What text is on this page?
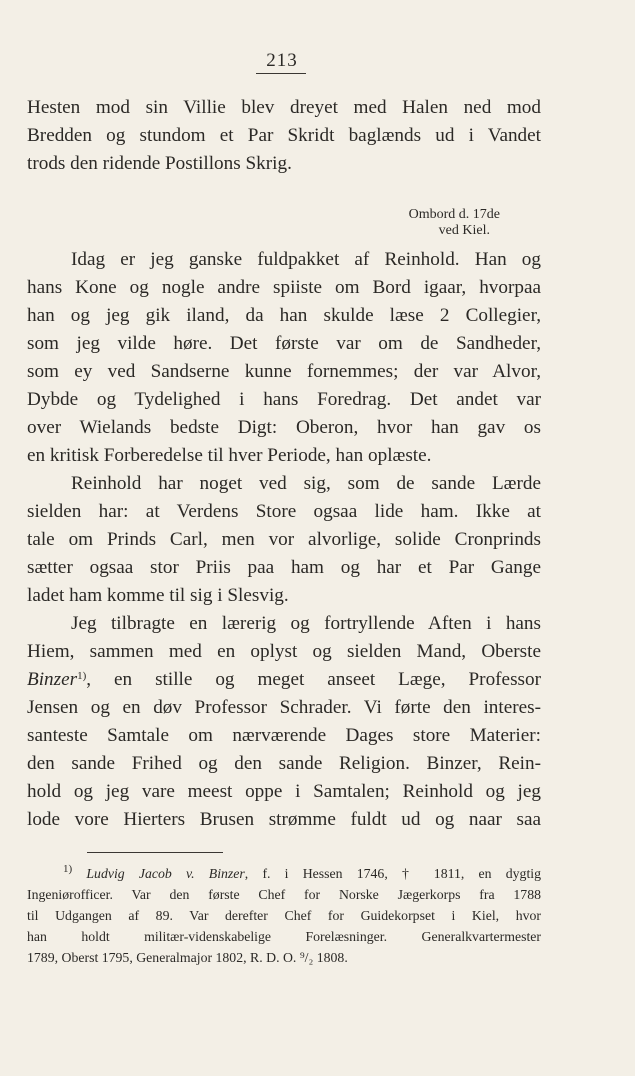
213
Hesten mod sin Villie blev dreyet med Halen ned mod
Bredden og stundom et Par Skridt baglænds ud i Vandet
trods den ridende Postillons Skrig.
Ombord d. 17de
ved Kiel.
Idag er jeg ganske fuldpakket af Reinhold. Han og
hans Kone og nogle andre spiiste om Bord igaar, hvorpaa
han og jeg gik iland, da han skulde læse 2 Collegier,
som jeg vilde høre. Det første var om de Sandheder,
som ey ved Sandserne kunne fornemmes; der var Alvor,
Dybde og Tydelighed i hans Foredrag. Det andet var
over Wielands bedste Digt: Oberon, hvor han gav os
en kritisk Forberedelse til hver Periode, han oplæste.
Reinhold har noget ved sig, som de sande Lærde
sielden har: at Verdens Store ogsaa lide ham. Ikke at
tale om Prinds Carl, men vor alvorlige, solide Cronprinds
sætter ogsaa stor Priis paa ham og har et Par Gange
ladet ham komme til sig i Slesvig.
Jeg tilbragte en lærerig og fortryllende Aften i hans
Hiem, sammen med en oplyst og sielden Mand, Oberste
Binzer$^{1)}$, en stille og meget anseet Læge, Professor
Jensen og en døv Professor Schrader. Vi førte den interes-
santeste Samtale om nærværende Dages store Materier:
den sande Frihed og den sande Religion. Binzer, Rein-
hold og jeg vare meest oppe i Samtalen; Reinhold og jeg
lode vore Hierters Brusen strømme fuldt ud og naar saa
$^{1)}$ Ludvig Jacob v. Binzer, f. i Hessen 1746, † 1811, en dygtig
Ingeniørofficer. Var den første Chef for Norske Jægerkorps fra 1788
til Udgangen af 89. Var derefter Chef for Guidekorpset i Kiel, hvor
han holdt militær-videnskabelige Forelæsninger. Generalkvartermester
1789, Oberst 1795, Generalmajor 1802, R. D. O. ⁹/₂ 1808.
